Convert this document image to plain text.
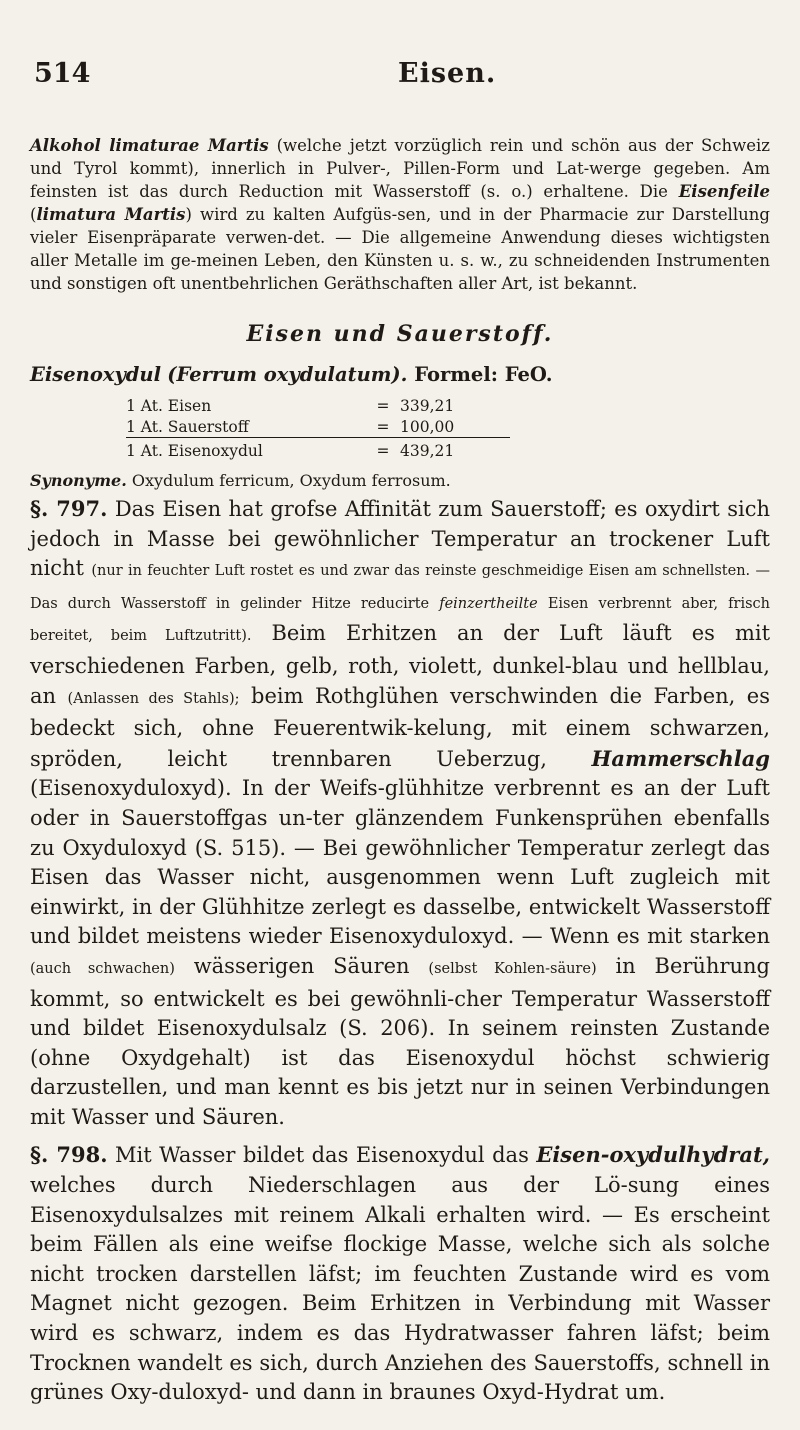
514	Eisen.

Alkohol limaturae Martis (welche jetzt vorzüglich rein und schön aus der Schweiz und Tyrol kommt), innerlich in Pulver-, Pillen-Form und Lat-werge gegeben. Am feinsten ist das durch Reduction mit Wasserstoff (s. o.) erhaltene. Die Eisenfeile (limatura Martis) wird zu kalten Aufgüs-sen, und in der Pharmacie zur Darstellung vieler Eisenpräparate verwen-det. — Die allgemeine Anwendung dieses wichtigsten aller Metalle im ge-meinen Leben, den Künsten u. s. w., zu schneidenden Instrumenten und sonstigen oft unentbehrlichen Geräthschaften aller Art, ist bekannt.

Eisen und Sauerstoff.
Eisenoxydul (Ferrum oxydulatum). Formel: FeO.
1 At. Eisen	=	339,21
1 At. Sauerstoff	=	100,00
1 At. Eisenoxydul	=	439,21

Synonyme. Oxydulum ferricum, Oxydum ferrosum.

§. 797. Das Eisen hat grofse Affinität zum Sauerstoff; es oxydirt sich jedoch in Masse bei gewöhnlicher Temperatur an trockener Luft nicht (nur in feuchter Luft rostet es und zwar das reinste geschmeidige Eisen am schnellsten. — Das durch Wasserstoff in gelinder Hitze reducirte feinzertheilte Eisen verbrennt aber, frisch bereitet, beim Luftzutritt). Beim Erhitzen an der Luft läuft es mit verschiedenen Farben, gelb, roth, violett, dunkel-blau und hellblau, an (Anlassen des Stahls); beim Rothglühen verschwinden die Farben, es bedeckt sich, ohne Feuerentwik-kelung, mit einem schwarzen, spröden, leicht trennbaren Ueberzug, Hammerschlag (Eisenoxyduloxyd). In der Weifs-glühhitze verbrennt es an der Luft oder in Sauerstoffgas un-ter glänzendem Funkensprühen ebenfalls zu Oxyduloxyd (S. 515). — Bei gewöhnlicher Temperatur zerlegt das Eisen das Wasser nicht, ausgenommen wenn Luft zugleich mit einwirkt, in der Glühhitze zerlegt es dasselbe, entwickelt Wasserstoff und bildet meistens wieder Eisenoxyduloxyd. — Wenn es mit starken (auch schwachen) wässerigen Säuren (selbst Kohlen-säure) in Berührung kommt, so entwickelt es bei gewöhnli-cher Temperatur Wasserstoff und bildet Eisenoxydulsalz (S. 206). In seinem reinsten Zustande (ohne Oxydgehalt) ist das Eisenoxydul höchst schwierig darzustellen, und man kennt es bis jetzt nur in seinen Verbindungen mit Wasser und Säuren.

§. 798. Mit Wasser bildet das Eisenoxydul das Eisen-oxydulhydrat, welches durch Niederschlagen aus der Lö-sung eines Eisenoxydulsalzes mit reinem Alkali erhalten wird. — Es erscheint beim Fällen als eine weifse flockige Masse, welche sich als solche nicht trocken darstellen läfst; im feuchten Zustande wird es vom Magnet nicht gezogen. Beim Erhitzen in Verbindung mit Wasser wird es schwarz, indem es das Hydratwasser fahren läfst; beim Trocknen wandelt es sich, durch Anziehen des Sauerstoffs, schnell in grünes Oxy-duloxyd- und dann in braunes Oxyd-Hydrat um.
